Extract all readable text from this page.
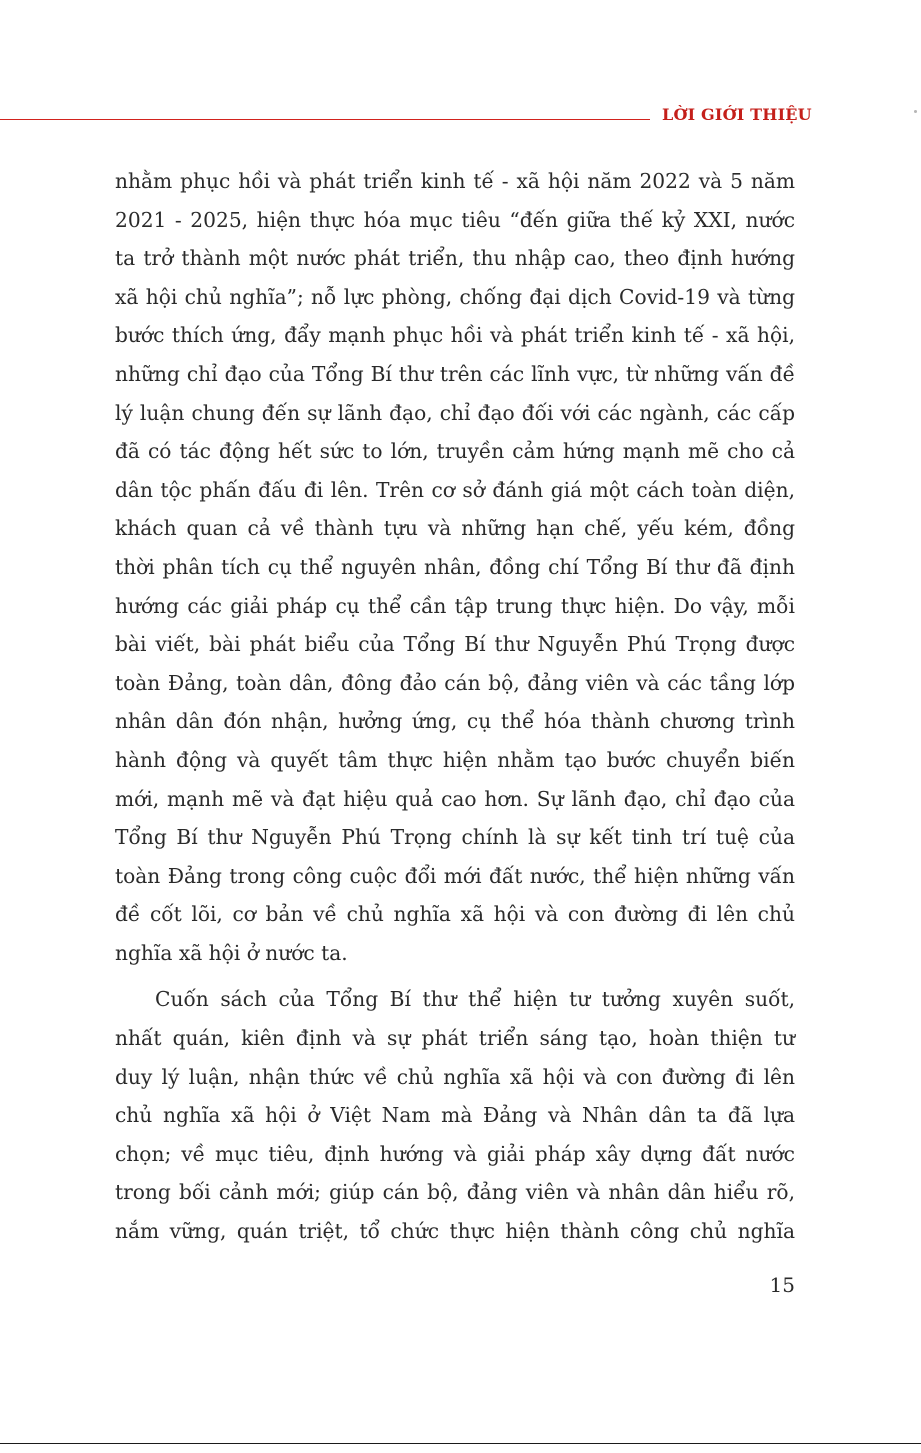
LỜI GIỚI THIỆU
nhằm phục hồi và phát triển kinh tế - xã hội năm 2022 và 5 năm
2021 - 2025, hiện thực hóa mục tiêu “đến giữa thế kỷ XXI, nước
ta trở thành một nước phát triển, thu nhập cao, theo định hướng
xã hội chủ nghĩa”; nỗ lực phòng, chống đại dịch Covid-19 và từng
bước thích ứng, đẩy mạnh phục hồi và phát triển kinh tế - xã hội,
những chỉ đạo của Tổng Bí thư trên các lĩnh vực, từ những vấn đề
lý luận chung đến sự lãnh đạo, chỉ đạo đối với các ngành, các cấp
đã có tác động hết sức to lớn, truyền cảm hứng mạnh mẽ cho cả
dân tộc phấn đấu đi lên. Trên cơ sở đánh giá một cách toàn diện,
khách quan cả về thành tựu và những hạn chế, yếu kém, đồng
thời phân tích cụ thể nguyên nhân, đồng chí Tổng Bí thư đã định
hướng các giải pháp cụ thể cần tập trung thực hiện. Do vậy, mỗi
bài viết, bài phát biểu của Tổng Bí thư Nguyễn Phú Trọng được
toàn Đảng, toàn dân, đông đảo cán bộ, đảng viên và các tầng lớp
nhân dân đón nhận, hưởng ứng, cụ thể hóa thành chương trình
hành động và quyết tâm thực hiện nhằm tạo bước chuyển biến
mới, mạnh mẽ và đạt hiệu quả cao hơn. Sự lãnh đạo, chỉ đạo của
Tổng Bí thư Nguyễn Phú Trọng chính là sự kết tinh trí tuệ của
toàn Đảng trong công cuộc đổi mới đất nước, thể hiện những vấn
đề cốt lõi, cơ bản về chủ nghĩa xã hội và con đường đi lên chủ
nghĩa xã hội ở nước ta.
Cuốn sách của Tổng Bí thư thể hiện tư tưởng xuyên suốt,
nhất quán, kiên định và sự phát triển sáng tạo, hoàn thiện tư
duy lý luận, nhận thức về chủ nghĩa xã hội và con đường đi lên
chủ nghĩa xã hội ở Việt Nam mà Đảng và Nhân dân ta đã lựa
chọn; về mục tiêu, định hướng và giải pháp xây dựng đất nước
trong bối cảnh mới; giúp cán bộ, đảng viên và nhân dân hiểu rõ,
nắm vững, quán triệt, tổ chức thực hiện thành công chủ nghĩa
15
